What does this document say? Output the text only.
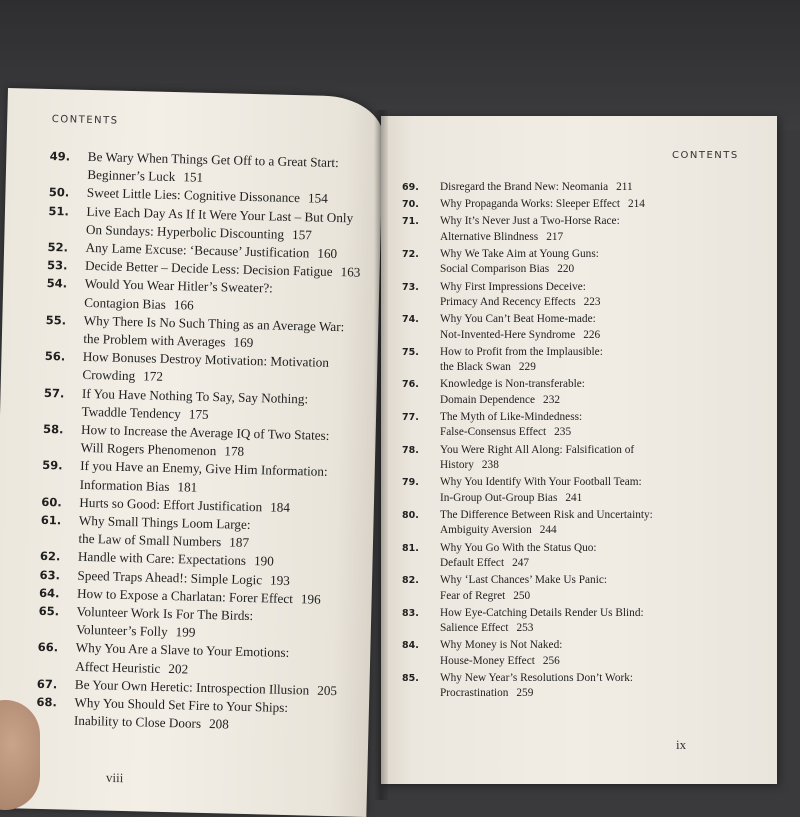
CONTENTS
CONTENTS
49. Be Wary When Things Get Off to a Great Start:
Beginner’s Luck 151
50. Sweet Little Lies: Cognitive Dissonance 154
51. Live Each Day As If It Were Your Last – But Only
On Sundays: Hyperbolic Discounting 157
52. Any Lame Excuse: ‘Because’ Justification 160
53. Decide Better – Decide Less: Decision Fatigue 163
54. Would You Wear Hitler’s Sweater?:
Contagion Bias 166
55. Why There Is No Such Thing as an Average War:
the Problem with Averages 169
56. How Bonuses Destroy Motivation: Motivation
Crowding 172
57. If You Have Nothing To Say, Say Nothing:
Twaddle Tendency 175
58. How to Increase the Average IQ of Two States:
Will Rogers Phenomenon 178
59. If you Have an Enemy, Give Him Information:
Information Bias 181
60. Hurts so Good: Effort Justification 184
61. Why Small Things Loom Large:
the Law of Small Numbers 187
62. Handle with Care: Expectations 190
63. Speed Traps Ahead!: Simple Logic 193
64. How to Expose a Charlatan: Forer Effect 196
65. Volunteer Work Is For The Birds:
Volunteer’s Folly 199
66. Why You Are a Slave to Your Emotions:
Affect Heuristic 202
67. Be Your Own Heretic: Introspection Illusion 205
68. Why You Should Set Fire to Your Ships:
Inability to Close Doors 208
69. Disregard the Brand New: Neomania 211
70. Why Propaganda Works: Sleeper Effect 214
71. Why It’s Never Just a Two-Horse Race:
Alternative Blindness 217
72. Why We Take Aim at Young Guns:
Social Comparison Bias 220
73. Why First Impressions Deceive:
Primacy And Recency Effects 223
74. Why You Can’t Beat Home-made:
Not-Invented-Here Syndrome 226
75. How to Profit from the Implausible:
the Black Swan 229
76. Knowledge is Non-transferable:
Domain Dependence 232
77. The Myth of Like-Mindedness:
False-Consensus Effect 235
78. You Were Right All Along: Falsification of
History 238
79. Why You Identify With Your Football Team:
In-Group Out-Group Bias 241
80. The Difference Between Risk and Uncertainty:
Ambiguity Aversion 244
81. Why You Go With the Status Quo:
Default Effect 247
82. Why ‘Last Chances’ Make Us Panic:
Fear of Regret 250
83. How Eye-Catching Details Render Us Blind:
Salience Effect 253
84. Why Money is Not Naked:
House-Money Effect 256
85. Why New Year’s Resolutions Don’t Work:
Procrastination 259
viii
ix
